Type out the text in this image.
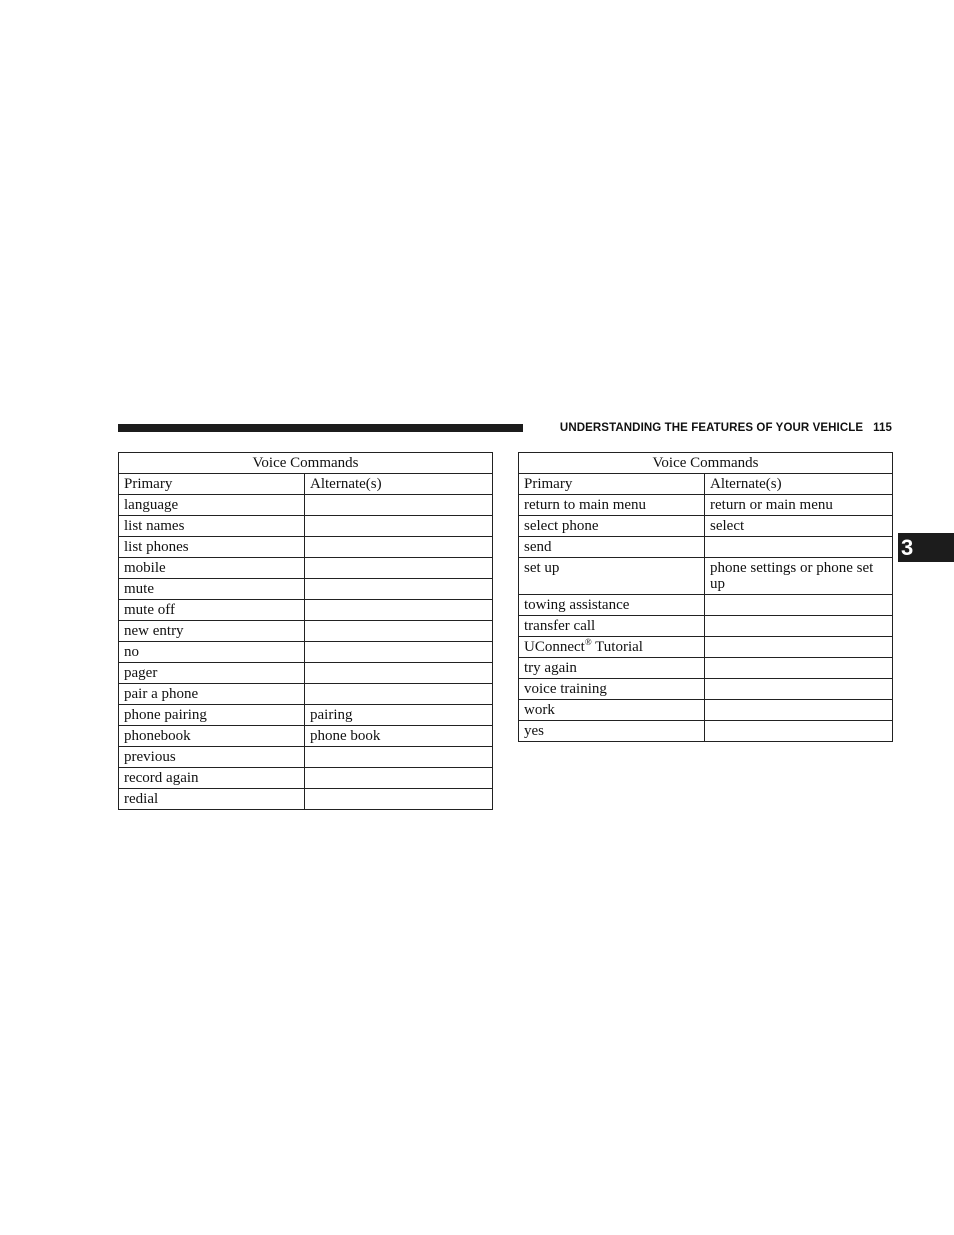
UNDERSTANDING THE FEATURES OF YOUR VEHICLE 115
3
Voice Commands	
Primary	Alternate(s)
language	
list names	
list phones	
mobile	
mute	
mute off	
new entry	
no	
pager	
pair a phone	
phone pairing	pairing
phonebook	phone book
previous	
record again	
redial	
Voice Commands	
Primary	Alternate(s)
return to main menu	return or main menu
select phone	select
send	
set up	phone settings or phone set up
towing assistance	
transfer call	
UConnect® Tutorial	
try again	
voice training	
work	
yes	
